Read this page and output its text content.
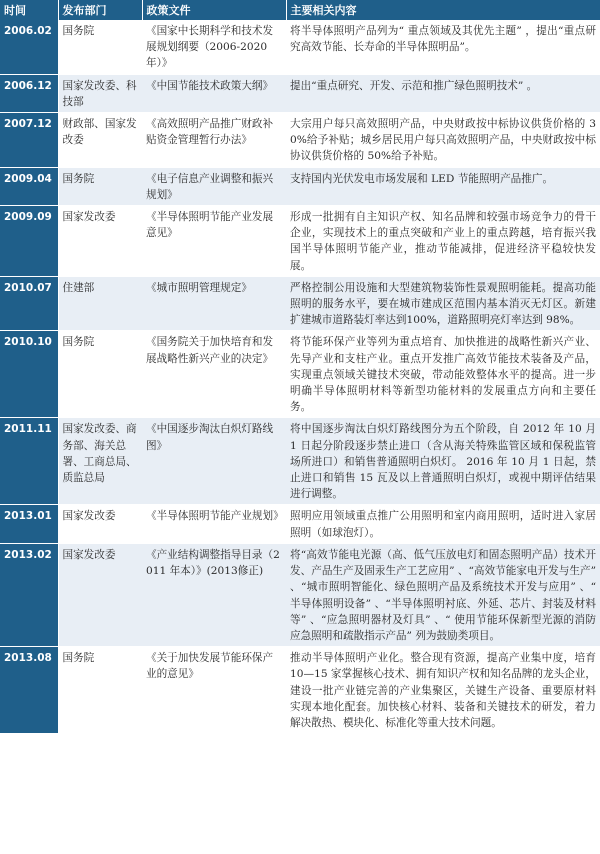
时间	发布部门	政策文件	主要相关内容
2006.02	国务院	《国家中长期科学和技术发展规划纲要（2006-2020 年）》	将半导体照明产品列为“ 重点领域及其优先主题” ，提出“重点研究高效节能、长寿命的半导体照明品”。
2006.12	国家发改委、科技部	《中国节能技术政策大纲》	提出“重点研究、开发、示范和推广绿色照明技术” 。
2007.12	财政部、国家发改委	《高效照明产品推广财政补贴资金管理暂行办法》	大宗用户每只高效照明产品，中央财政按中标协议供货价格的 30%给予补贴；城乡居民用户每只高效照明产品，中央财政按中标协议供货价格的 50%给予补贴。
2009.04	国务院	《电子信息产业调整和振兴规划》	支持国内光伏发电市场发展和 LED 节能照明产品推广。
2009.09	国家发改委	《半导体照明节能产业发展意见》	形成一批拥有自主知识产权、知名品牌和较强市场竞争力的骨干企业，实现技术上的重点突破和产业上的重点跨越，培育振兴我国半导体照明节能产业，推动节能减排，促进经济平稳较快发展。
2010.07	住建部	《城市照明管理规定》	严格控制公用设施和大型建筑物装饰性景观照明能耗。提高功能照明的服务水平，要在城市建成区范围内基本消灭无灯区。新建扩建城市道路装灯率达到100%，道路照明亮灯率达到 98%。
2010.10	国务院	《国务院关于加快培育和发展战略性新兴产业的决定》	将节能环保产业等列为重点培育、加快推进的战略性新兴产业、先导产业和支柱产业。重点开发推广高效节能技术装备及产品，实现重点领域关键技术突破，带动能效整体水平的提高。进一步明确半导体照明材料等新型功能材料的发展重点方向和主要任务。
2011.11	国家发改委、商务部、海关总署、工商总局、质监总局	《中国逐步淘汰白炽灯路线图》	将中国逐步淘汰白炽灯路线图分为五个阶段，自 2012 年 10 月 1 日起分阶段逐步禁止进口（含从海关特殊监管区域和保税监管场所进口）和销售普通照明白炽灯。 2016 年 10 月 1 日起，禁止进口和销售 15 瓦及以上普通照明白炽灯，或视中期评估结果进行调整。
2013.01	国家发改委	《半导体照明节能产业规划》	照明应用领域重点推广公用照明和室内商用照明，适时进入家居照明（如球泡灯）。
2013.02	国家发改委	《产业结构调整指导目录（2011 年本）》(2013修正)	将“高效节能电光源（高、低气压放电灯和固态照明产品）技术开发、产品生产及固汞生产工艺应用” 、“高效节能家电开发与生产” 、“城市照明智能化、绿色照明产品及系统技术开发与应用” 、“ 半导体照明设备” 、“半导体照明衬底、外延、芯片、封装及材料等” 、“应急照明器材及灯具” 、“ 使用节能环保新型光源的消防应急照明和疏散指示产品” 列为鼓励类项目。
2013.08	国务院	《关于加快发展节能环保产业的意见》	推动半导体照明产业化。整合现有资源，提高产业集中度，培育 10—15 家掌握核心技术、拥有知识产权和知名品牌的龙头企业，建设一批产业链完善的产业集聚区，关键生产设备、重要原材料实现本地化配套。加快核心材料、装备和关键技术的研发，着力解决散热、模块化、标准化等重大技术问题。
